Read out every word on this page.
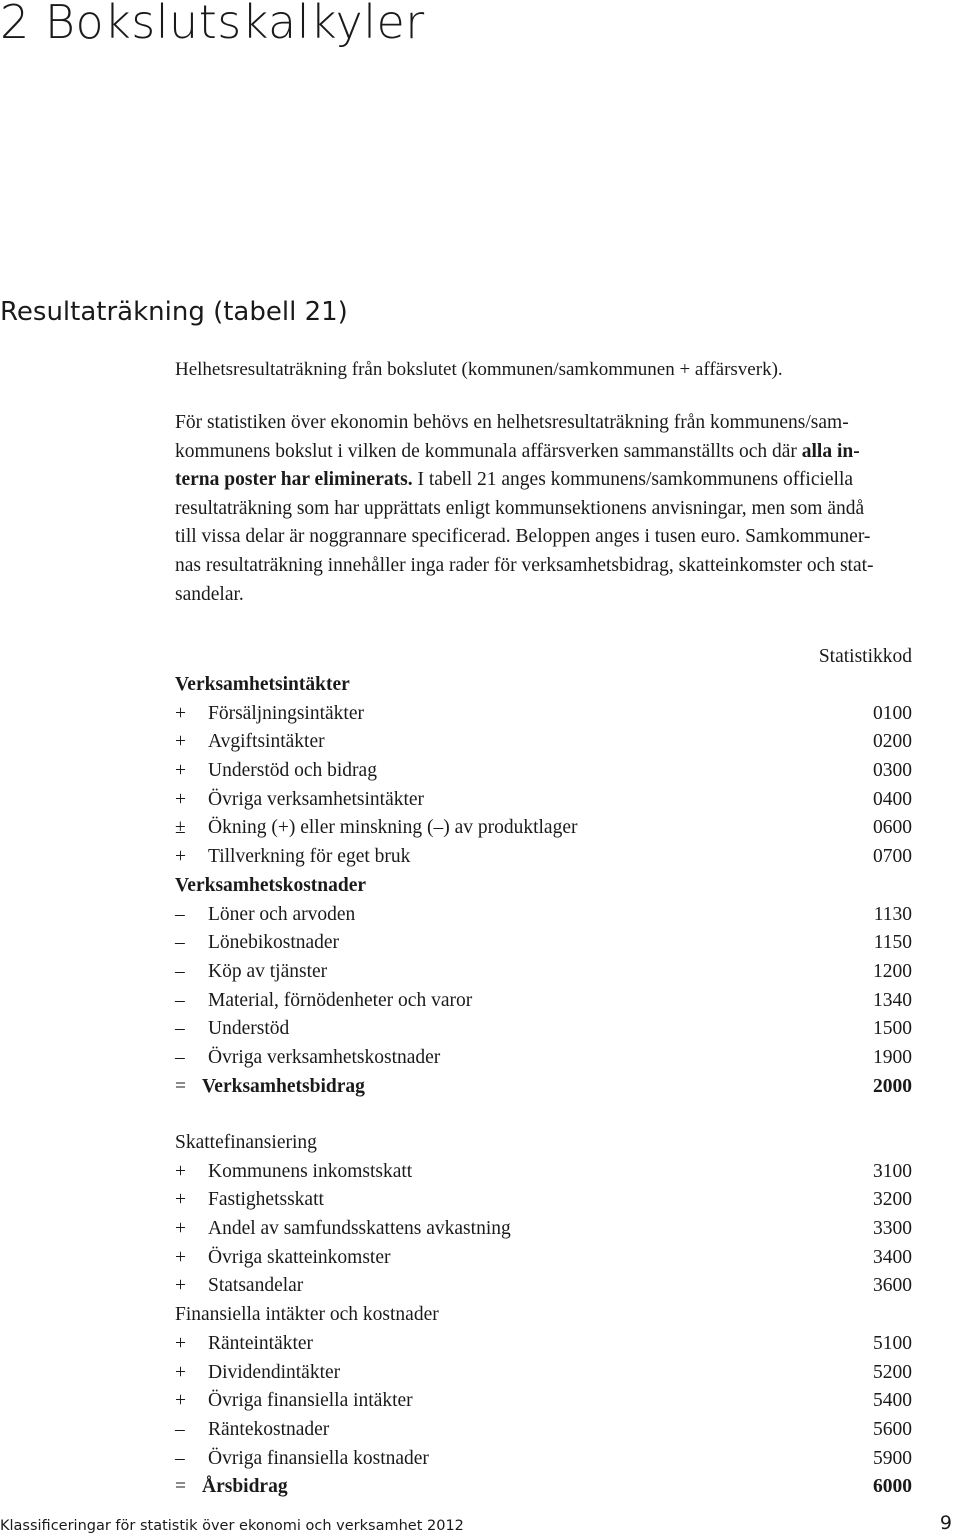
2 Bokslutskalkyler
Resultaträkning (tabell 21)

Helhetsresultaträkning från bokslutet (kommunen/samkommunen + affärsverk).

För statistiken över ekonomin behövs en helhetsresultaträkning från kommunens/sam-
kommunens bokslut i vilken de kommunala affärsverken sammanställts och där alla in-
terna poster har eliminerats. I tabell 21 anges kommunens/samkommunens officiella
resultaträkning som har upprättats enligt kommunsektionens anvisningar, men som ändå
till vissa delar är noggrannare specificerad. Beloppen anges i tusen euro. Samkommuner-
nas resultaträkning innehåller inga rader för verksamhetsbidrag, skatteinkomster och stat-
sandelar.

Statistikkod
Verksamhetsintäkter
+	Försäljningsintäkter	0100
+	Avgiftsintäkter	0200
+	Understöd och bidrag	0300
+	Övriga verksamhetsintäkter	0400
±	Ökning (+) eller minskning (–) av produktlager	0600
+	Tillverkning för eget bruk	0700
Verksamhetskostnader
–	Löner och arvoden	1130
–	Lönebikostnader	1150
–	Köp av tjänster	1200
–	Material, förnödenheter och varor	1340
–	Understöd	1500
–	Övriga verksamhetskostnader	1900
= Verksamhetsbidrag	2000
Skattefinansiering
+	Kommunens inkomstskatt	3100
+	Fastighetsskatt	3200
+	Andel av samfundsskattens avkastning	3300
+	Övriga skatteinkomster	3400
+	Statsandelar	3600
Finansiella intäkter och kostnader
+	Ränteintäkter	5100
+	Dividendintäkter	5200
+	Övriga finansiella intäkter	5400
–	Räntekostnader	5600
–	Övriga finansiella kostnader	5900
= Årsbidrag	6000
Klassificeringar för statistik över ekonomi och verksamhet 2012	9
